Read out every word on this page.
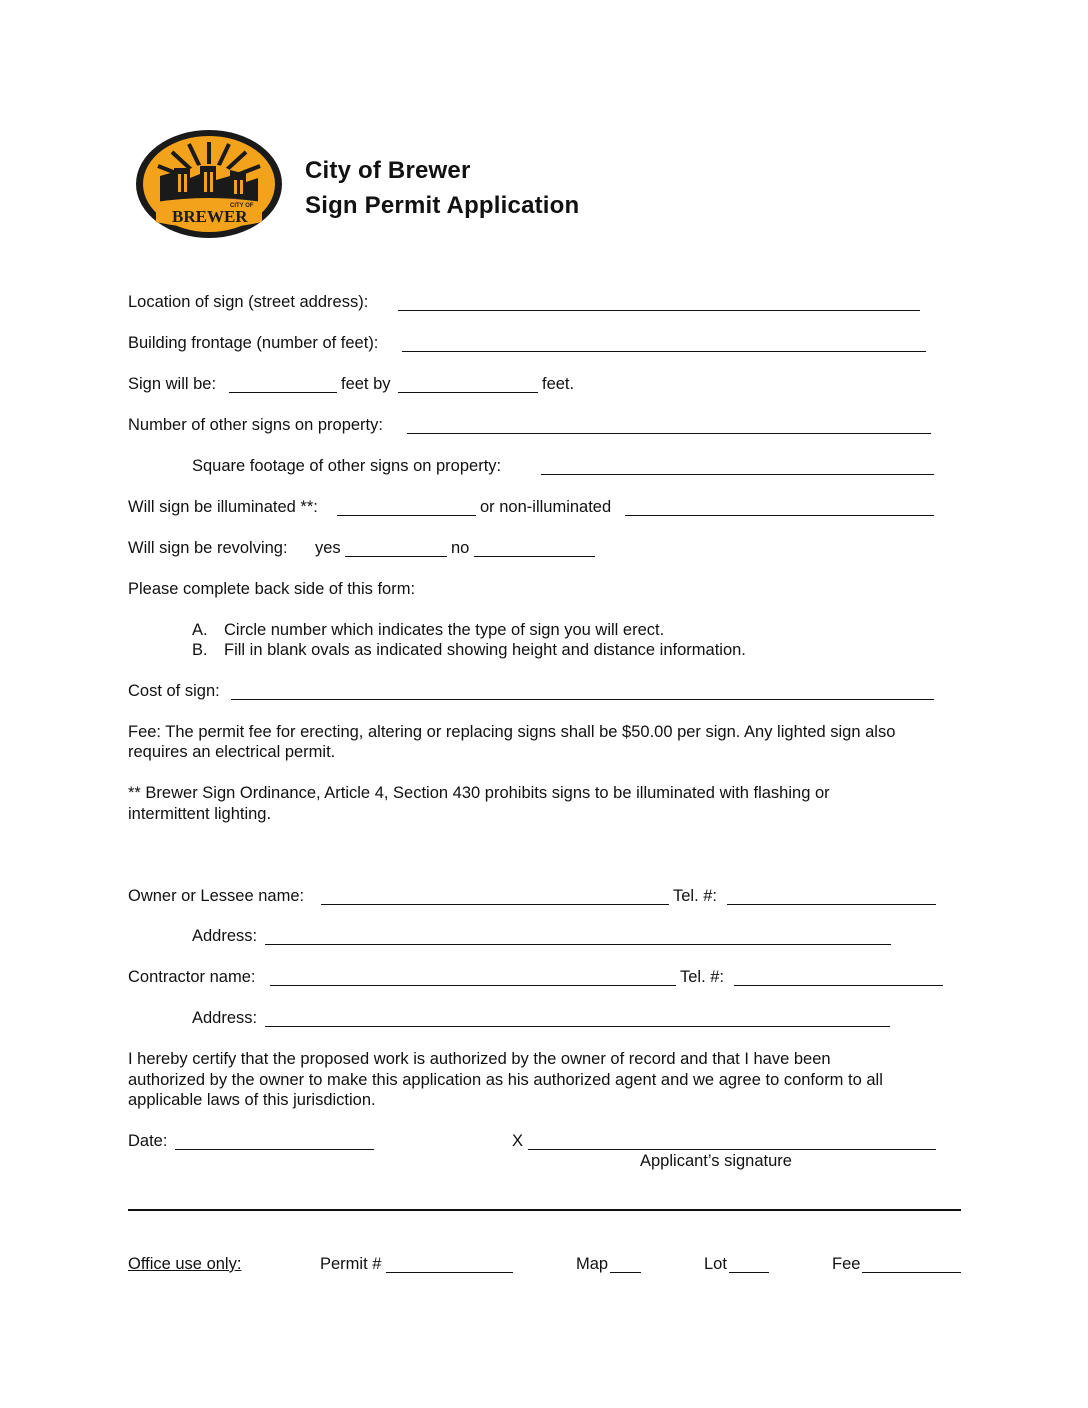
CITY OF
BREWER
City of Brewer
Sign Permit Application
Location of sign (street address):
Building frontage (number of feet):
Sign will be:	feet by	feet.
Number of other signs on property:
Square footage of other signs on property:
Will sign be illuminated **:	or non-illuminated
Will sign be revolving: yes	no
Please complete back side of this form:
A. Circle number which indicates the type of sign you will erect.
B. Fill in blank ovals as indicated showing height and distance information.
Cost of sign:
Fee: The permit fee for erecting, altering or replacing signs shall be $50.00 per sign. Any lighted sign also
requires an electrical permit.
** Brewer Sign Ordinance, Article 4, Section 430 prohibits signs to be illuminated with flashing or
intermittent lighting.
Owner or Lessee name:	Tel. #:
Address:
Contractor name:	Tel. #:
Address:
I hereby certify that the proposed work is authorized by the owner of record and that I have been
authorized by the owner to make this application as his authorized agent and we agree to conform to all
applicable laws of this jurisdiction.
Date:	X
Applicant’s signature
Office use only:	Permit #	Map	Lot	Fee
